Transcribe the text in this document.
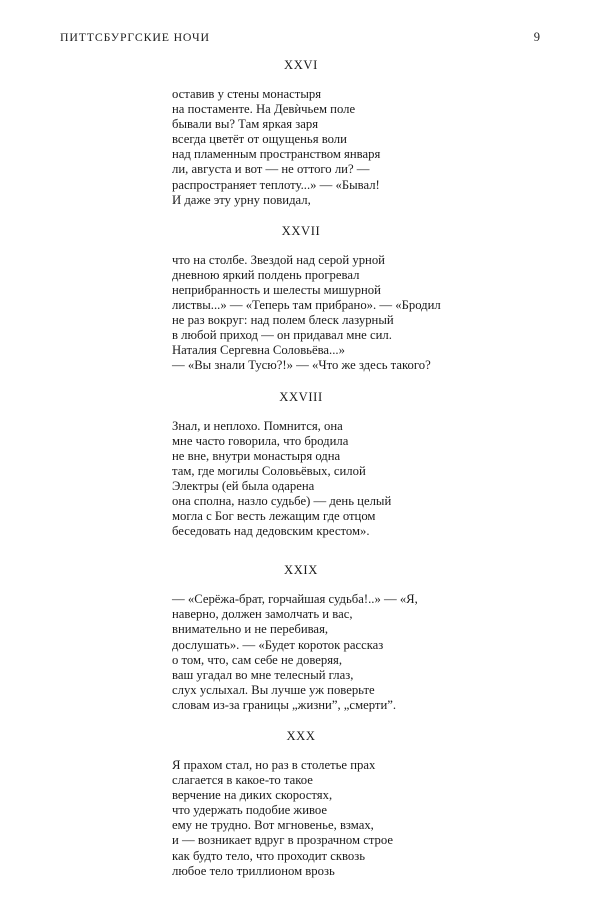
ПИТТСБУРГСКИЕ НОЧИ	9
XXVI
оставив у стены монастыря
на постаменте. На Девѝчьем поле
бывали вы? Там яркая заря
всегда цветёт от ощущенья воли
над пламенным пространством января
ли, августа и вот — не оттого ли? —
распространяет теплоту...» — «Бывал!
И даже эту урну повидал,
XXVII
что на столбе. Звездой над серой урной
дневною яркий полдень прогревал
неприбранность и шелесты мишурной
листвы...» — «Теперь там прибрано». — «Бродил
не раз вокруг: над полем блеск лазурный
в любой приход — он придавал мне сил.
Наталия Сергевна Соловьёва...»
— «Вы знали Тусю?!» — «Что же здесь такого?
XXVIII
Знал, и неплохо. Помнится, она
мне часто говорила, что бродила
не вне, внутри монастыря одна
там, где могилы Соловьёвых, силой
Электры (ей была одарена
она сполна, назло судьбе) — день целый
могла с Бог весть лежащим где отцом
беседовать над дедовским крестом».
XXIX
— «Серёжа-брат, горчайшая судьба!..» — «Я,
наверно, должен замолчать и вас,
внимательно и не перебивая,
дослушать». — «Будет короток рассказ
о том, что, сам себе не доверяя,
ваш угадал во мне телесный глаз,
слух услыхал. Вы лучше уж поверьте
словам из-за границы „жизни”, „смерти”.
XXX
Я прахом стал, но раз в столетье прах
слагается в какое-то такое
верчение на диких скоростях,
что удержать подобие живое
ему не трудно. Вот мгновенье, взмах,
и — возникает вдруг в прозрачном строе
как будто тело, что проходит сквозь
любое тело триллионом врозь
